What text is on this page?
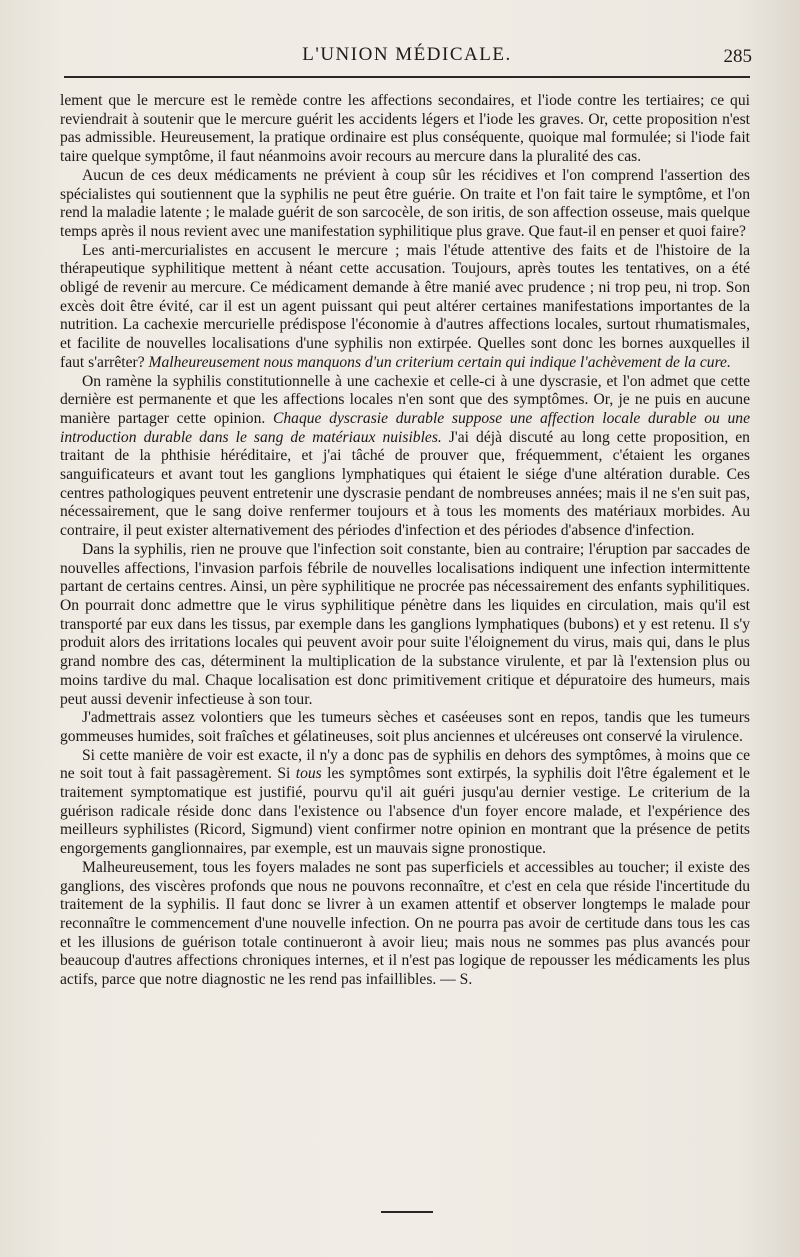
L'UNION MÉDICALE.	285

lement que le mercure est le remède contre les affections secondaires, et l'iode contre les tertiaires; ce qui reviendrait à soutenir que le mercure guérit les accidents légers et l'iode les graves. Or, cette proposition n'est pas admissible. Heureusement, la pratique ordinaire est plus conséquente, quoique mal formulée; si l'iode fait taire quelque symptôme, il faut néanmoins avoir recours au mercure dans la pluralité des cas.

Aucun de ces deux médicaments ne prévient à coup sûr les récidives et l'on comprend l'assertion des spécialistes qui soutiennent que la syphilis ne peut être guérie. On traite et l'on fait taire le symptôme, et l'on rend la maladie latente ; le malade guérit de son sarcocèle, de son iritis, de son affection osseuse, mais quelque temps après il nous revient avec une manifestation syphilitique plus grave. Que faut-il en penser et quoi faire?

Les anti-mercurialistes en accusent le mercure ; mais l'étude attentive des faits et de l'histoire de la thérapeutique syphilitique mettent à néant cette accusation. Toujours, après toutes les tentatives, on a été obligé de revenir au mercure. Ce médicament demande à être manié avec prudence ; ni trop peu, ni trop. Son excès doit être évité, car il est un agent puissant qui peut altérer certaines manifestations importantes de la nutrition. La cachexie mercurielle prédispose l'économie à d'autres affections locales, surtout rhumatismales, et facilite de nouvelles localisations d'une syphilis non extirpée. Quelles sont donc les bornes auxquelles il faut s'arrêter? Malheureusement nous manquons d'un criterium certain qui indique l'achèvement de la cure.

On ramène la syphilis constitutionnelle à une cachexie et celle-ci à une dyscrasie, et l'on admet que cette dernière est permanente et que les affections locales n'en sont que des symptômes. Or, je ne puis en aucune manière partager cette opinion. Chaque dyscrasie durable suppose une affection locale durable ou une introduction durable dans le sang de matériaux nuisibles. J'ai déjà discuté au long cette proposition, en traitant de la phthisie héréditaire, et j'ai tâché de prouver que, fréquemment, c'étaient les organes sanguificateurs et avant tout les ganglions lymphatiques qui étaient le siége d'une altération durable. Ces centres pathologiques peuvent entretenir une dyscrasie pendant de nombreuses années; mais il ne s'en suit pas, nécessairement, que le sang doive renfermer toujours et à tous les moments des matériaux morbides. Au contraire, il peut exister alternativement des périodes d'infection et des périodes d'absence d'infection.

Dans la syphilis, rien ne prouve que l'infection soit constante, bien au contraire; l'éruption par saccades de nouvelles affections, l'invasion parfois fébrile de nouvelles localisations indiquent une infection intermittente partant de certains centres. Ainsi, un père syphilitique ne procrée pas nécessairement des enfants syphilitiques. On pourrait donc admettre que le virus syphilitique pénètre dans les liquides en circulation, mais qu'il est transporté par eux dans les tissus, par exemple dans les ganglions lymphatiques (bubons) et y est retenu. Il s'y produit alors des irritations locales qui peuvent avoir pour suite l'éloignement du virus, mais qui, dans le plus grand nombre des cas, déterminent la multiplication de la substance virulente, et par là l'extension plus ou moins tardive du mal. Chaque localisation est donc primitivement critique et dépuratoire des humeurs, mais peut aussi devenir infectieuse à son tour.

J'admettrais assez volontiers que les tumeurs sèches et caséeuses sont en repos, tandis que les tumeurs gommeuses humides, soit fraîches et gélatineuses, soit plus anciennes et ulcéreuses ont conservé la virulence.

Si cette manière de voir est exacte, il n'y a donc pas de syphilis en dehors des symptômes, à moins que ce ne soit tout à fait passagèrement. Si tous les symptômes sont extirpés, la syphilis doit l'être également et le traitement symptomatique est justifié, pourvu qu'il ait guéri jusqu'au dernier vestige. Le criterium de la guérison radicale réside donc dans l'existence ou l'absence d'un foyer encore malade, et l'expérience des meilleurs syphilistes (Ricord, Sigmund) vient confirmer notre opinion en montrant que la présence de petits engorgements ganglionnaires, par exemple, est un mauvais signe pronostique.

Malheureusement, tous les foyers malades ne sont pas superficiels et accessibles au toucher; il existe des ganglions, des viscères profonds que nous ne pouvons reconnaître, et c'est en cela que réside l'incertitude du traitement de la syphilis. Il faut donc se livrer à un examen attentif et observer longtemps le malade pour reconnaître le commencement d'une nouvelle infection. On ne pourra pas avoir de certitude dans tous les cas et les illusions de guérison totale continueront à avoir lieu; mais nous ne sommes pas plus avancés pour beaucoup d'autres affections chroniques internes, et il n'est pas logique de repousser les médicaments les plus actifs, parce que notre diagnostic ne les rend pas infaillibles. — S.
